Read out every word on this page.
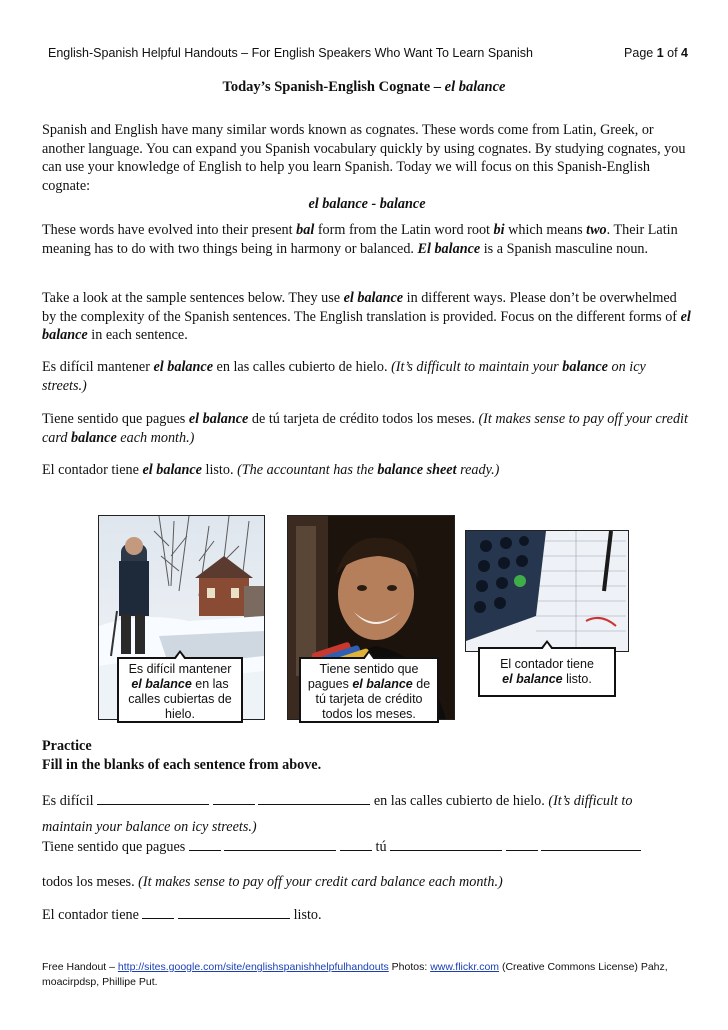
English-Spanish Helpful Handouts – For English Speakers Who Want To Learn Spanish	Page 1 of 4
Today’s Spanish-English Cognate – el balance
Spanish and English have many similar words known as cognates. These words come from Latin, Greek, or another language. You can expand you Spanish vocabulary quickly by using cognates. By studying cognates, you can use your knowledge of English to help you learn Spanish. Today we will focus on this Spanish-English cognate:
el balance - balance
These words have evolved into their present bal form from the Latin word root bi which means two. Their Latin meaning has to do with two things being in harmony or balanced. El balance is a Spanish masculine noun.
Take a look at the sample sentences below. They use el balance in different ways. Please don’t be overwhelmed by the complexity of the Spanish sentences. The English translation is provided. Focus on the different forms of el balance in each sentence.
Es difícil mantener el balance en las calles cubierto de hielo. (It’s difficult to maintain your balance on icy streets.)
Tiene sentido que pagues el balance de tú tarjeta de crédito todos los meses. (It makes sense to pay off your credit card balance each month.)
El contador tiene el balance listo. (The accountant has the balance sheet ready.)
Es difícil mantener
el balance en las calles cubiertas de hielo.
Tiene sentido que pagues el balance de tú tarjeta de crédito todos los meses.
El contador tiene
el balance listo.
Practice
Fill in the blanks of each sentence from above.
Es difícil	en las calles cubierto de hielo. (It’s difficult to
maintain your balance on icy streets.)
Tiene sentido que pagues	tú
todos los meses. (It makes sense to pay off your credit card balance each month.)
El contador tiene	listo.
Free Handout – http://sites.google.com/site/englishspanishhelpfulhandouts Photos: www.flickr.com (Creative Commons License) Pahz,
moacirpdsp, Phillipe Put.
